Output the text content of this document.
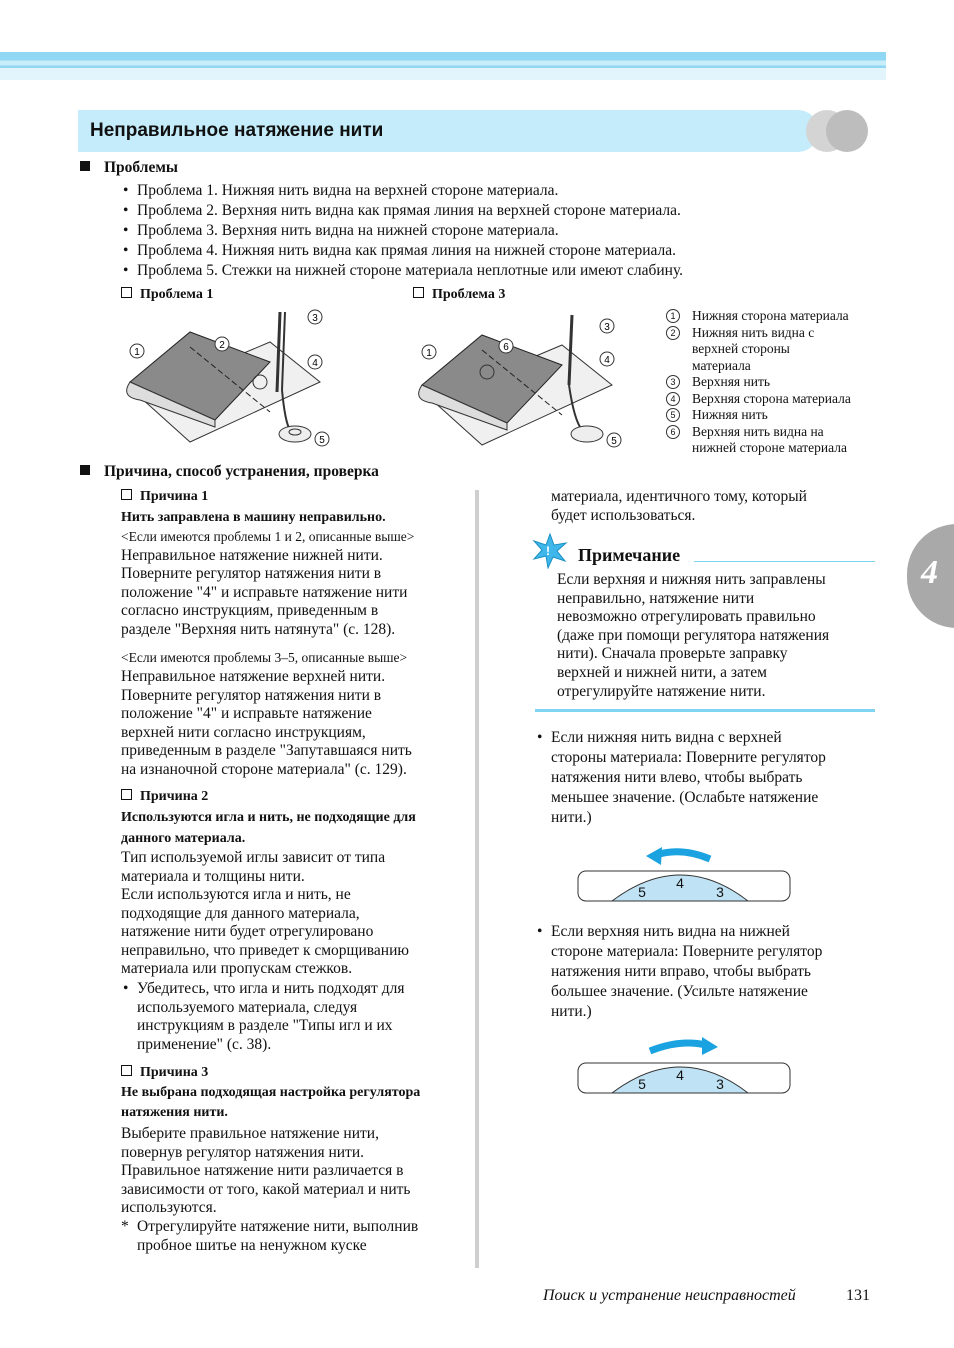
Неправильное натяжение нити
Проблемы
• Проблема 1. Нижняя нить видна на верхней стороне материала.
• Проблема 2. Верхняя нить видна как прямая линия на верхней стороне материала.
• Проблема 3. Верхняя нить видна на нижней стороне материала.
• Проблема 4. Нижняя нить видна как прямая линия на нижней стороне материала.
• Проблема 5. Стежки на нижней стороне материала неплотные или имеют слабину.
Проблема 1	Проблема 3
1
2
3
4
5
1
6
3
4
5
1	Нижняя сторона материала
2	Нижняя нить видна с
верхней стороны
материала
3	Верхняя нить
4	Верхняя сторона материала
5	Нижняя нить
6	Верхняя нить видна на
нижней стороне материала
Причина, способ устранения, проверка
Причина 1
Нить заправлена в машину неправильно.
<Если имеются проблемы 1 и 2, описанные выше>
Неправильное натяжение нижней нити.
Поверните регулятор натяжения нити в
положение "4" и исправьте натяжение нити
согласно инструкциям, приведенным в
разделе "Верхняя нить натянута" (с. 128).
<Если имеются проблемы 3–5, описанные выше>
Неправильное натяжение верхней нити.
Поверните регулятор натяжения нити в
положение "4" и исправьте натяжение
верхней нити согласно инструкциям,
приведенным в разделе "Запутавшаяся нить
на изнаночной стороне материала" (с. 129).
Причина 2
Используются игла и нить, не подходящие для
данного материала.
Тип используемой иглы зависит от типа
материала и толщины нити.
Если используются игла и нить, не
подходящие для данного материала,
натяжение нити будет отрегулировано
неправильно, что приведет к сморщиванию
материала или пропускам стежков.
• Убедитесь, что игла и нить подходят для
используемого материала, следуя
инструкциям в разделе "Типы игл и их
применение" (с. 38).
Причина 3
Не выбрана подходящая настройка регулятора
натяжения нити.
Выберите правильное натяжение нити,
повернув регулятор натяжения нити.
Правильное натяжение нити различается в
зависимости от того, какой материал и нить
используются.
* Отрегулируйте натяжение нити, выполнив
пробное шитье на ненужном куске
материала, идентичного тому, который
будет использоваться.
Если верхняя и нижняя нить заправлены
неправильно, натяжение нити
невозможно отрегулировать правильно
(даже при помощи регулятора натяжения
нити). Сначала проверьте заправку
верхней и нижней нити, а затем
отрегулируйте натяжение нити.
• Если нижняя нить видна с верхней
стороны материала: Поверните регулятор
натяжения нити влево, чтобы выбрать
меньшее значение. (Ослабьте натяжение
нити.)
• Если верхняя нить видна на нижней
стороне материала: Поверните регулятор
натяжения нити вправо, чтобы выбрать
большее значение. (Усильте натяжение
нити.)
! Примечание
5
4
3
5
4
3
4
Поиск и устранение неисправностей	131
